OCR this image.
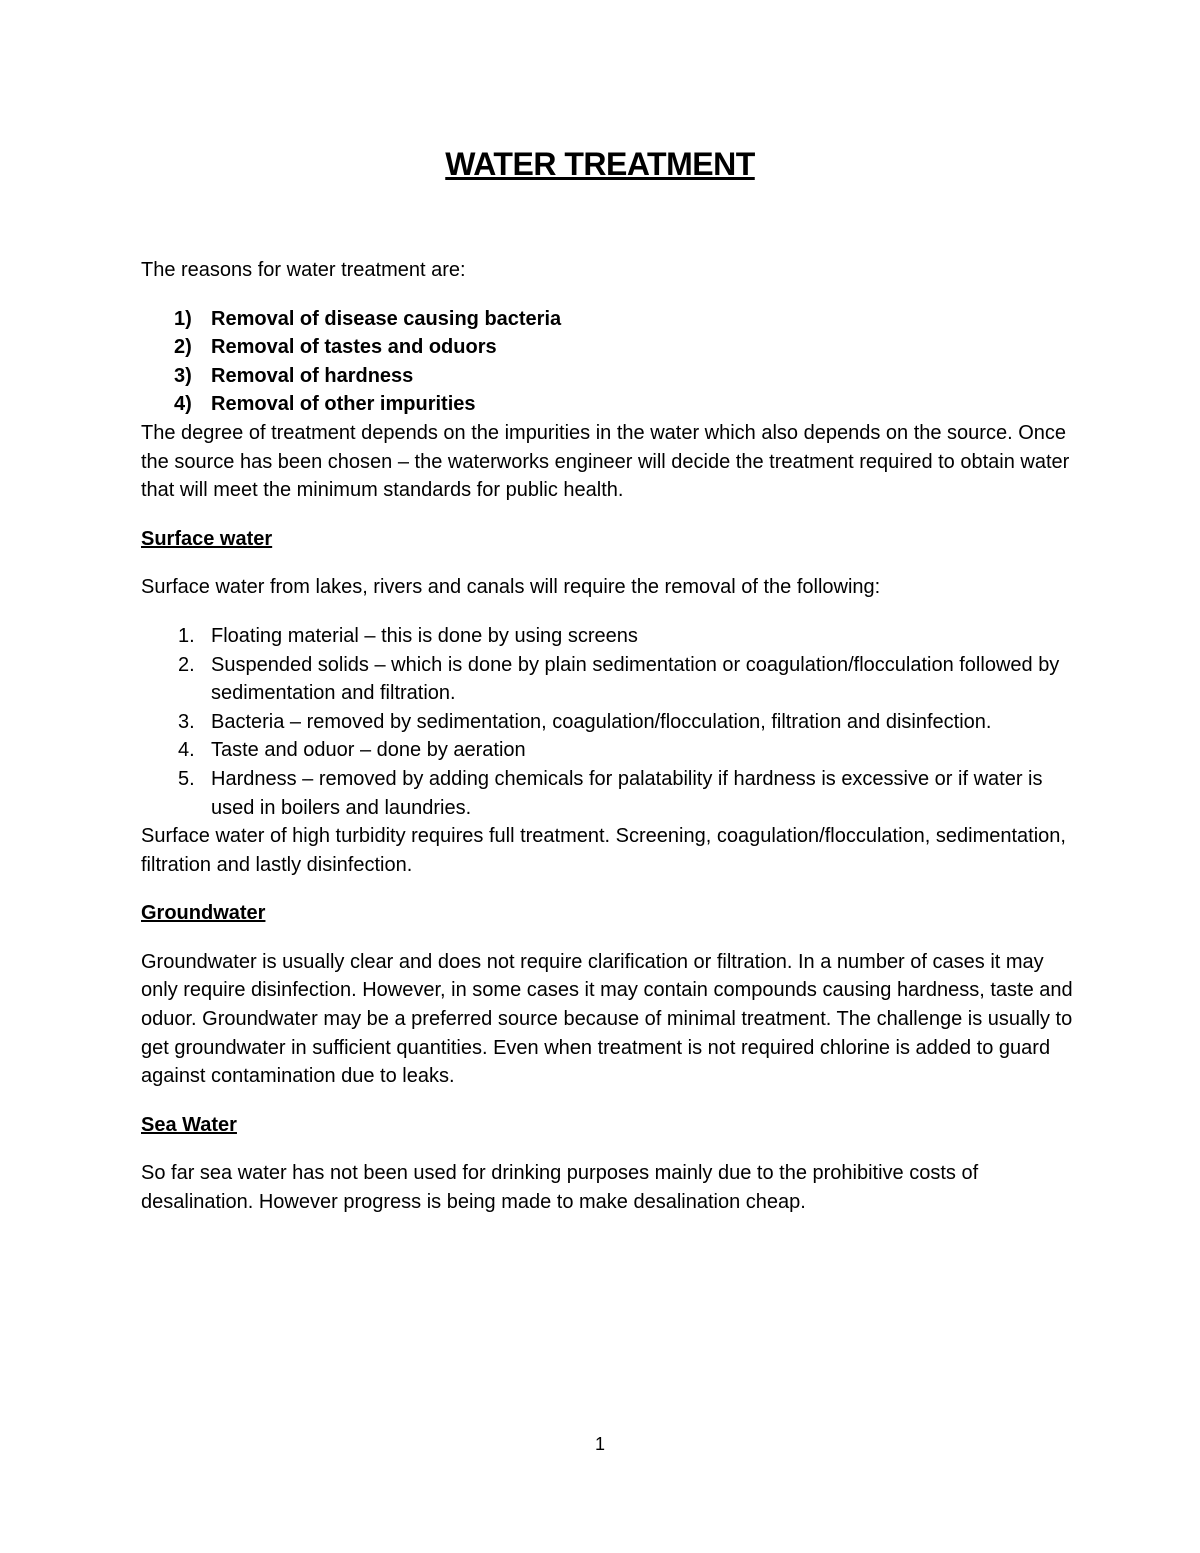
WATER TREATMENT

The reasons for water treatment are:

1) Removal of disease causing bacteria
2) Removal of tastes and oduors
3) Removal of hardness
4) Removal of other impurities

The degree of treatment depends on the impurities in the water which also depends on the source. Once the source has been chosen – the waterworks engineer will decide the treatment required to obtain water that will meet the minimum standards for public health.

Surface water

Surface water from lakes, rivers and canals will require the removal of the following:

1. Floating material – this is done by using screens
2. Suspended solids – which is done by plain sedimentation or coagulation/flocculation followed by sedimentation and filtration.
3. Bacteria – removed by sedimentation, coagulation/flocculation, filtration and disinfection.
4. Taste and oduor – done by aeration
5. Hardness – removed by adding chemicals for palatability if hardness is excessive or if water is used in boilers and laundries.

Surface water of high turbidity requires full treatment. Screening, coagulation/flocculation, sedimentation, filtration and lastly disinfection.

Groundwater

Groundwater is usually clear and does not require clarification or filtration. In a number of cases it may only require disinfection. However, in some cases it may contain compounds causing hardness, taste and oduor. Groundwater may be a preferred source because of minimal treatment. The challenge is usually to get groundwater in sufficient quantities. Even when treatment is not required chlorine is added to guard against contamination due to leaks.

Sea Water

So far sea water has not been used for drinking purposes mainly due to the prohibitive costs of desalination. However progress is being made to make desalination cheap.

1
